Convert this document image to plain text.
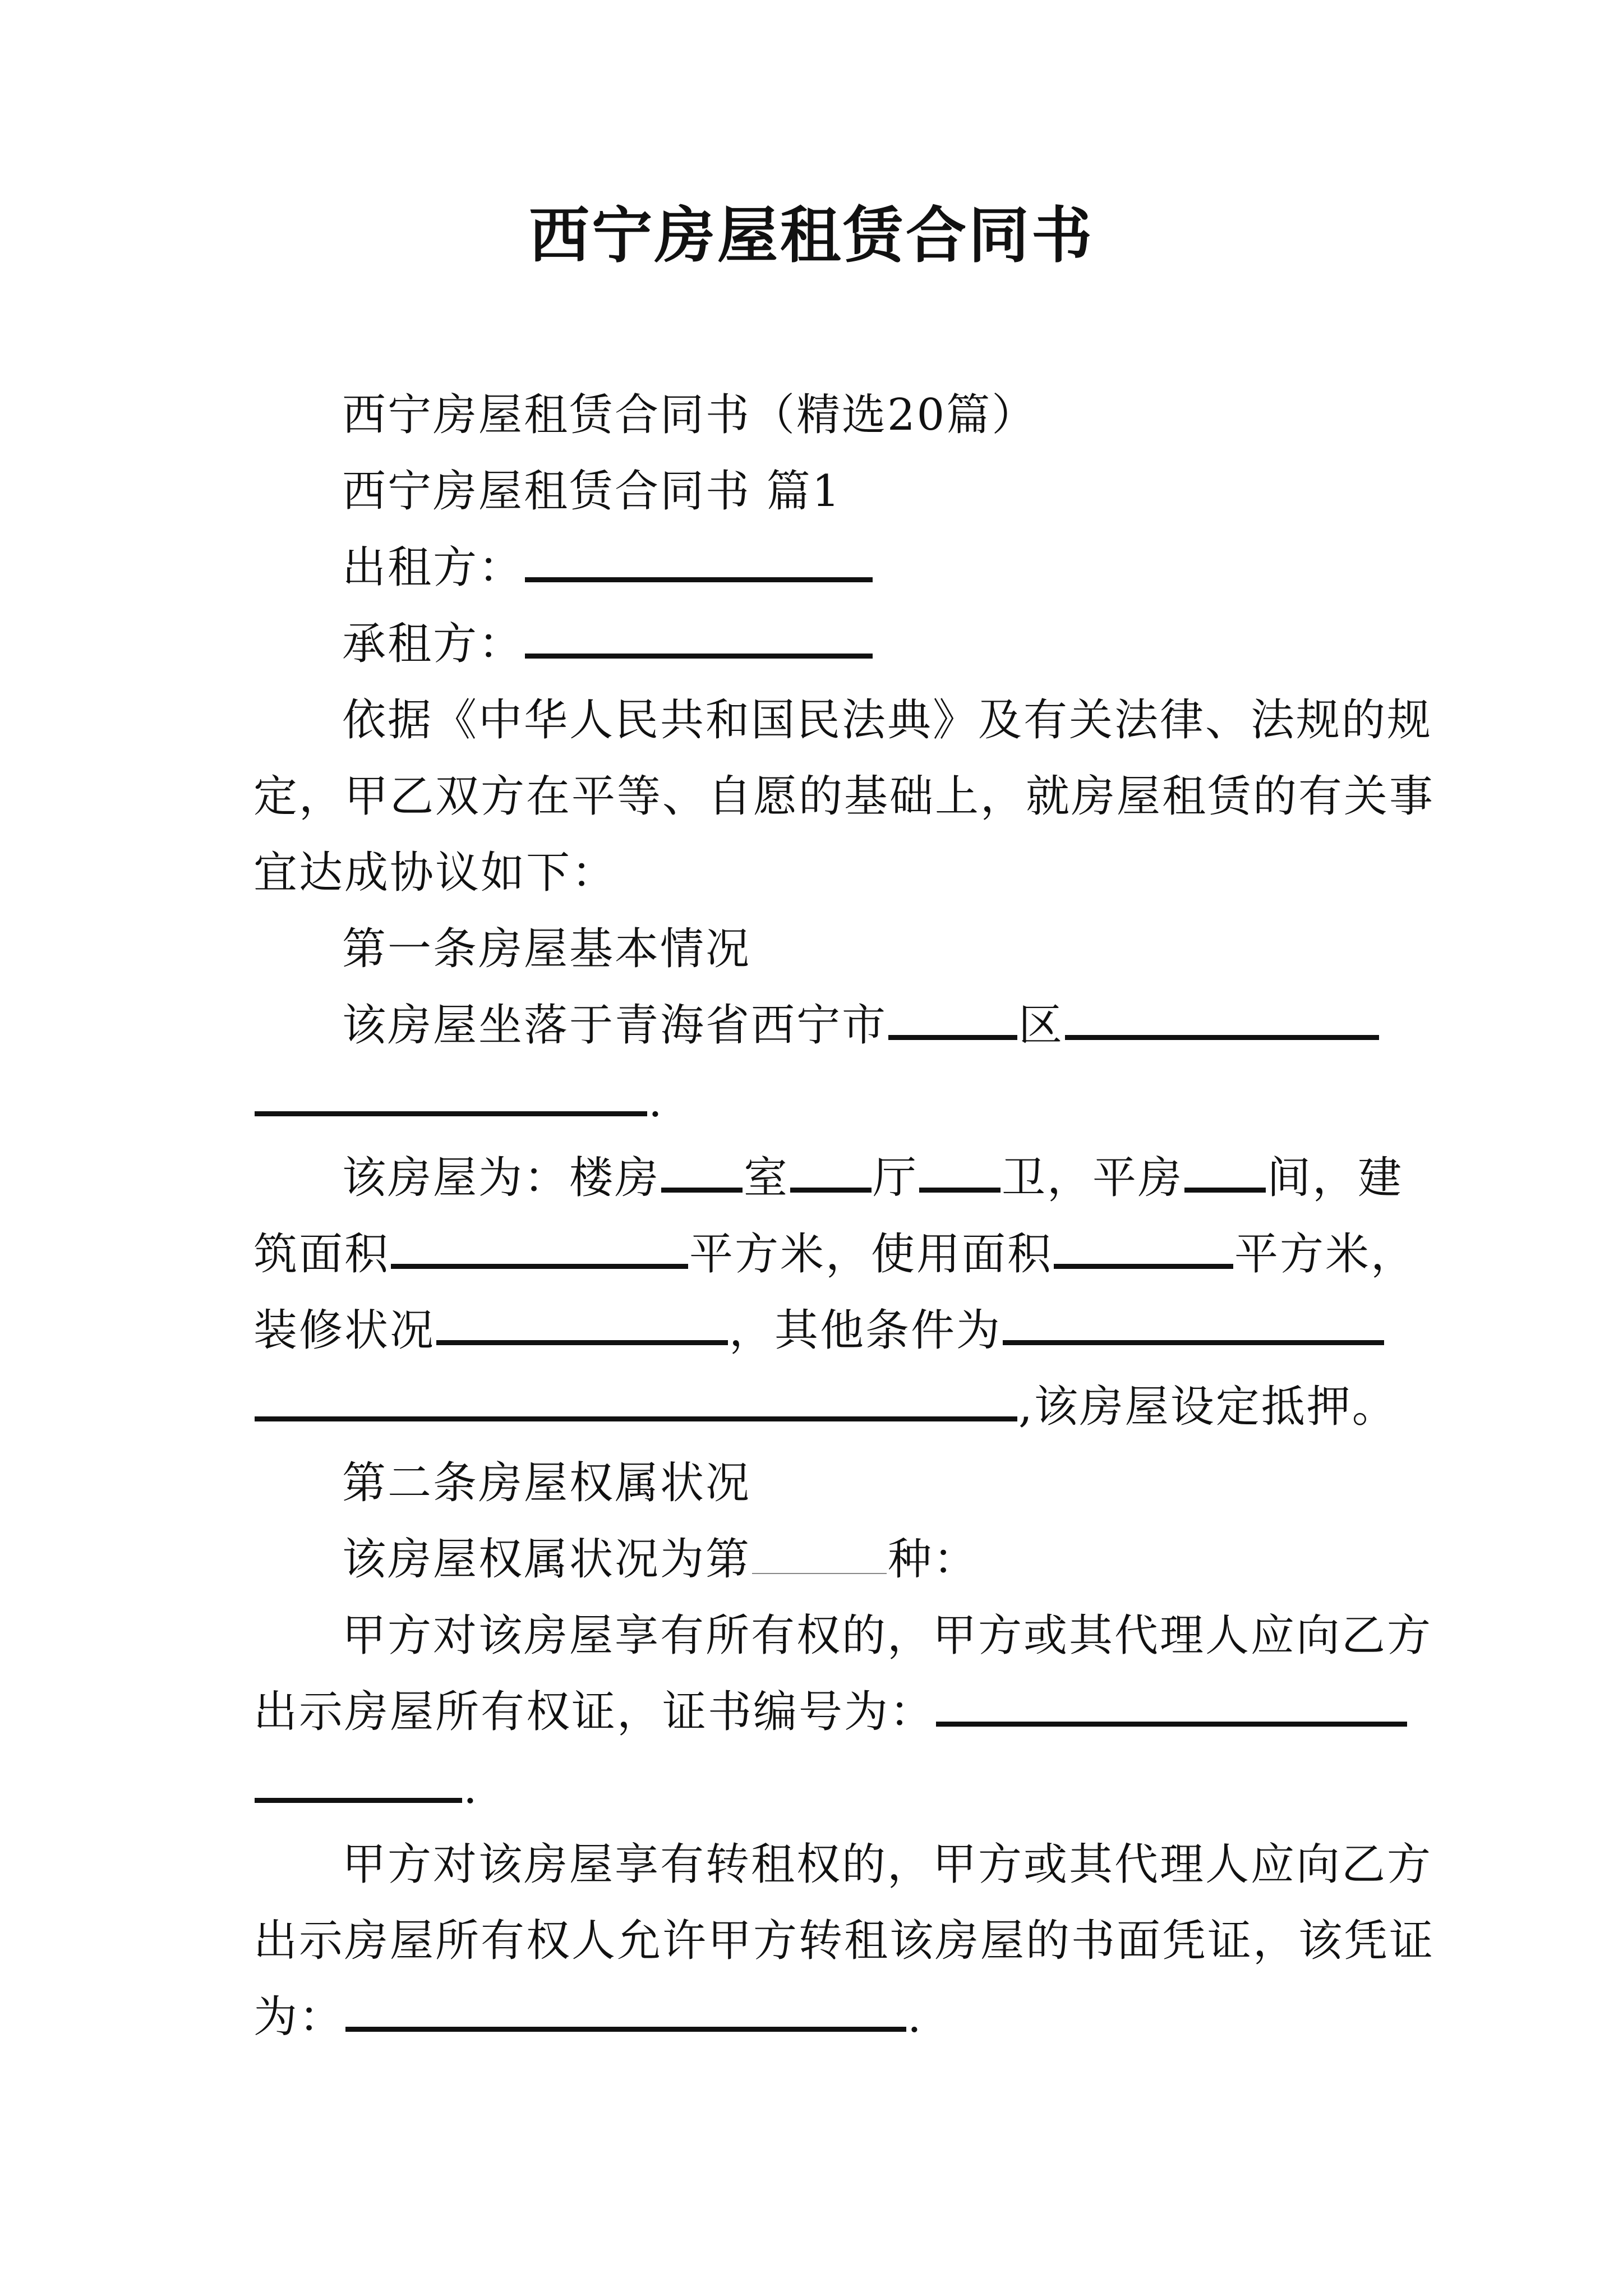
西宁房屋租赁合同书
西宁房屋租赁合同书（精选20篇）
西宁房屋租赁合同书 篇1
出租方：
承租方：
依据《中华人民共和国民法典》及有关法律、法规的规
定，甲乙双方在平等、自愿的基础上，就房屋租赁的有关事
宜达成协议如下：
第一条房屋基本情况
该房屋坐落于青海省西宁市	区
.
该房屋为：楼房 室 厅 卫，平房 间，建
筑面积	平方米，使用面积	平方米，
装修状况	，其他条件为
,该房屋设定抵押。
第二条房屋权属状况
该房屋权属状况为第	种：
甲方对该房屋享有所有权的，甲方或其代理人应向乙方
出示房屋所有权证，证书编号为：
.
甲方对该房屋享有转租权的，甲方或其代理人应向乙方
出示房屋所有权人允许甲方转租该房屋的书面凭证，该凭证
为：	.
